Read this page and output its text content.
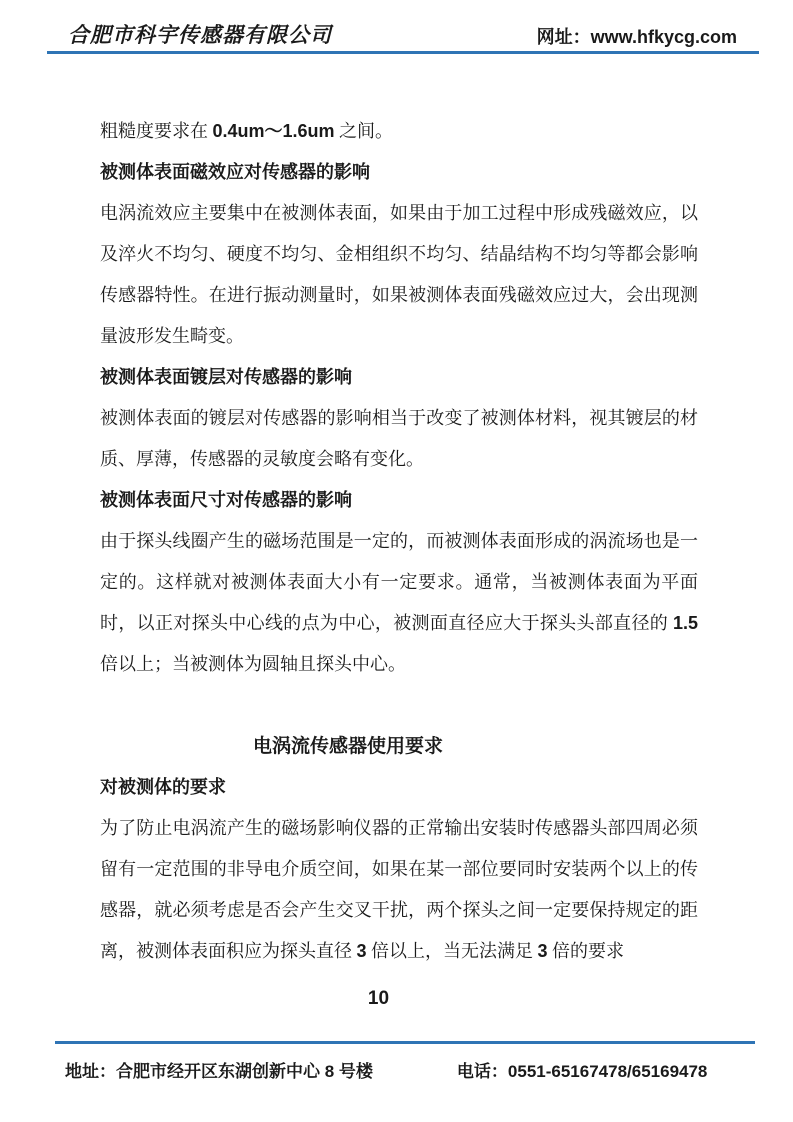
合肥市科宇传感器有限公司	网址：www.hfkycg.com

粗糙度要求在 0.4um～1.6um 之间。

被测体表面磁效应对传感器的影响

电涡流效应主要集中在被测体表面，如果由于加工过程中形成残磁效应，以及淬火不均匀、硬度不均匀、金相组织不均匀、结晶结构不均匀等都会影响传感器特性。在进行振动测量时，如果被测体表面残磁效应过大，会出现测量波形发生畸变。

被测体表面镀层对传感器的影响

被测体表面的镀层对传感器的影响相当于改变了被测体材料，视其镀层的材质、厚薄，传感器的灵敏度会略有变化。

被测体表面尺寸对传感器的影响

由于探头线圈产生的磁场范围是一定的，而被测体表面形成的涡流场也是一定的。这样就对被测体表面大小有一定要求。通常，当被测体表面为平面时，以正对探头中心线的点为中心，被测面直径应大于探头头部直径的 1.5 倍以上；当被测体为圆轴且探头中心。

电涡流传感器使用要求

对被测体的要求

为了防止电涡流产生的磁场影响仪器的正常输出安装时传感器头部四周必须留有一定范围的非导电介质空间，如果在某一部位要同时安装两个以上的传感器，就必须考虑是否会产生交叉干扰，两个探头之间一定要保持规定的距离，被测体表面积应为探头直径 3 倍以上，当无法满足 3 倍的要求

10
地址：合肥市经开区东湖创新中心 8 号楼	电话：0551-65167478/65169478
